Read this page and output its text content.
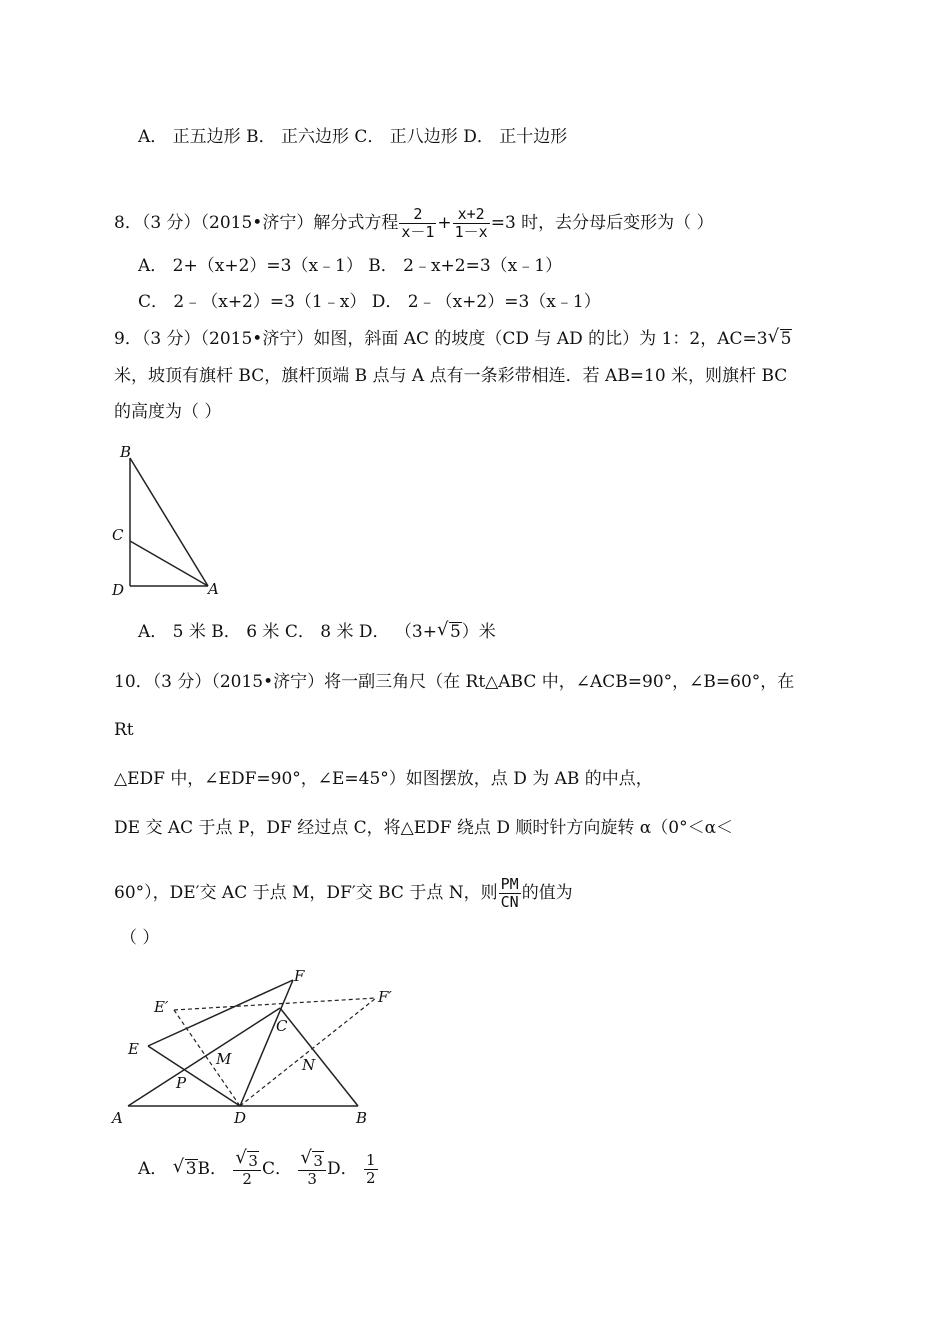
A． 正五边形 B． 正六边形 C． 正八边形 D． 正十边形
8．（3 分）（2015•济宁）解分式方程 $\frac{2}{x-1} + \frac{x+2}{1-x} =3$ 时，去分母后变形为（ ）
A． 2+（x+2）=3（x﹣1） B． 2﹣x+2=3（x﹣1）
C． 2﹣（x+2）=3（1﹣x） D． 2﹣（x+2）=3（x﹣1）
9．（3 分）（2015•济宁）如图，斜面 AC 的坡度（CD 与 AD 的比）为 1：2，AC=3 √ 5
米，坡顶有旗杆 BC，旗杆顶端 B 点与 A 点有一条彩带相连．若 AB=10 米，则旗杆 BC
的高度为（ ）
B
C
D	A
A． 5 米 B． 6 米 C． 8 米 D． （3+ √ 5）米
10．（3 分）（2015•济宁）将一副三角尺（在 Rt△ABC 中，∠ACB=90°，∠B=60°，在
Rt
△EDF 中，∠EDF=90°，∠E=45°）如图摆放，点 D 为 AB 的中点，
DE 交 AC 于点 P，DF 经过点 C，将△EDF 绕点 D 顺时针方向旋转 α（0°＜α＜
60°），DE′交 AC 于点 M，DF′交 BC 于点 N，则 $\frac{PM}{CN}$ 的值为
（ ）
F
E′
F′
C
E
M	N
P
A	D	B
A． √ 3B． $\frac{√ 3}{2}$ C． $\frac{√ 3}{3}$ D． $\frac{1}{2}$
